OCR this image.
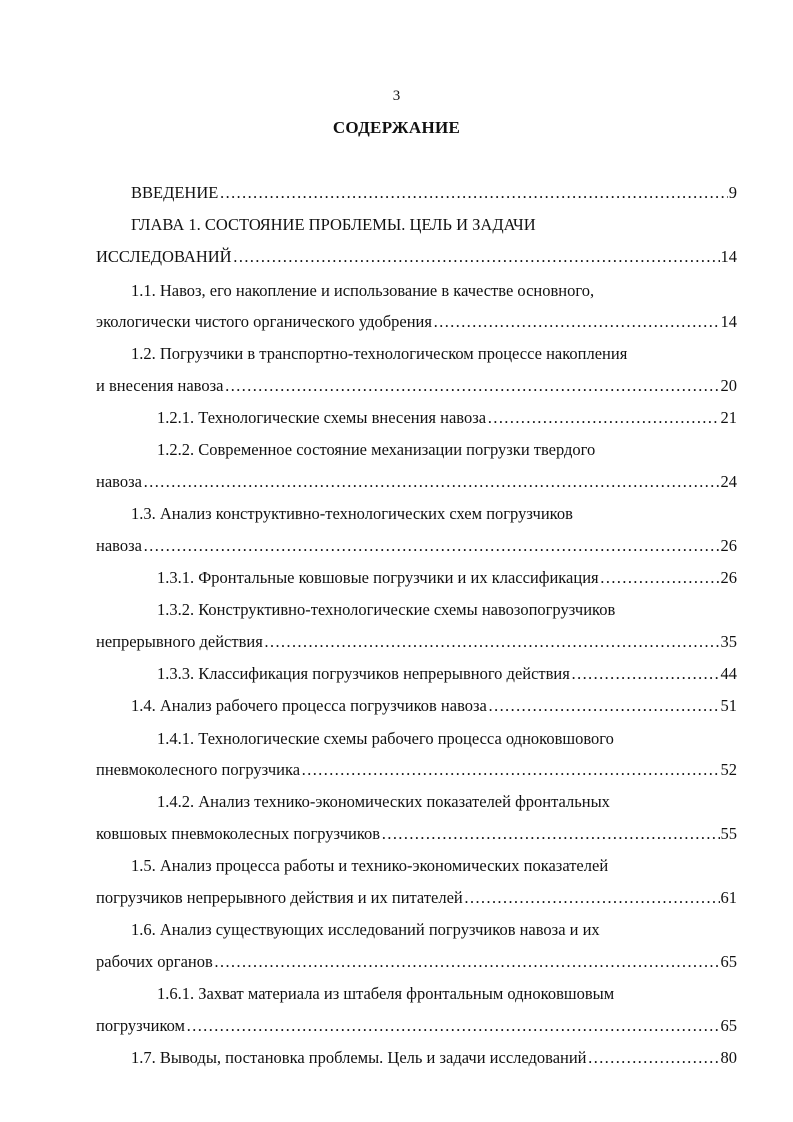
3
СОДЕРЖАНИЕ
ВВЕДЕНИЕ …………………………………………………………………………………………………………………………………………………………………………	9
ГЛАВА 1. СОСТОЯНИЕ ПРОБЛЕМЫ. ЦЕЛЬ И ЗАДАЧИ
ИССЛЕДОВАНИЙ …………………………………………………………………………………………………………………………………………………………………………	14
1.1. Навоз, его накопление и использование в качестве основного,
экологически чистого органического удобрения …………………………………………………………………………………………………………………………………………………………………………	14
1.2. Погрузчики в транспортно-технологическом процессе накопления
и внесения навоза …………………………………………………………………………………………………………………………………………………………………………	20
1.2.1. Технологические схемы внесения навоза …………………………………………………………………………………………………………………………………………………………………………	21
1.2.2. Современное состояние механизации погрузки твердого
навоза …………………………………………………………………………………………………………………………………………………………………………	24
1.3. Анализ конструктивно-технологических схем погрузчиков
навоза …………………………………………………………………………………………………………………………………………………………………………	26
1.3.1. Фронтальные ковшовые погрузчики и их классификация …………………………………………………………………………………………………………………………………………………………………………	26
1.3.2. Конструктивно-технологические схемы навозопогрузчиков
непрерывного действия …………………………………………………………………………………………………………………………………………………………………………	35
1.3.3. Классификация погрузчиков непрерывного действия …………………………………………………………………………………………………………………………………………………………………………	44
1.4. Анализ рабочего процесса погрузчиков навоза …………………………………………………………………………………………………………………………………………………………………………	51
1.4.1. Технологические схемы рабочего процесса одноковшового
пневмоколесного погрузчика …………………………………………………………………………………………………………………………………………………………………………	52
1.4.2. Анализ технико-экономических показателей фронтальных
ковшовых пневмоколесных погрузчиков …………………………………………………………………………………………………………………………………………………………………………	55
1.5. Анализ процесса работы и технико-экономических показателей
погрузчиков непрерывного действия и их питателей …………………………………………………………………………………………………………………………………………………………………………	61
1.6. Анализ существующих исследований погрузчиков навоза и их
рабочих органов …………………………………………………………………………………………………………………………………………………………………………	65
1.6.1. Захват материала из штабеля фронтальным одноковшовым
погрузчиком …………………………………………………………………………………………………………………………………………………………………………	65
1.7. Выводы, постановка проблемы. Цель и задачи исследований …………………………………………………………………………………………………………………………………………………………………………	80
